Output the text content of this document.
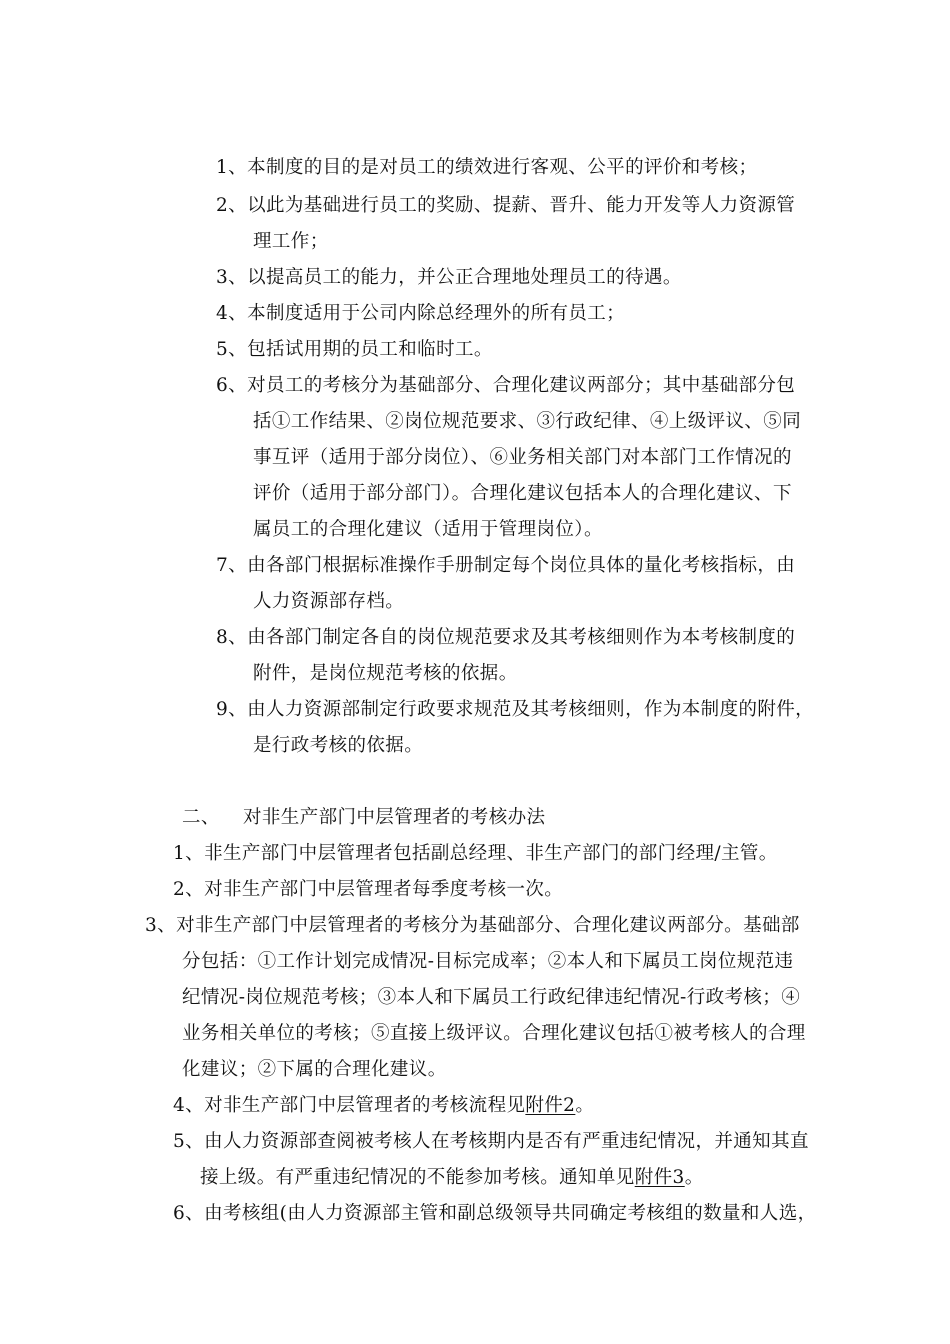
1、本制度的目的是对员工的绩效进行客观、公平的评价和考核；
2、以此为基础进行员工的奖励、提薪、晋升、能力开发等人力资源管
理工作；
3、以提高员工的能力，并公正合理地处理员工的待遇。
4、本制度适用于公司内除总经理外的所有员工；
5、包括试用期的员工和临时工。
6、对员工的考核分为基础部分、合理化建议两部分；其中基础部分包
括①工作结果、②岗位规范要求、③行政纪律、④上级评议、⑤同
事互评（适用于部分岗位）、⑥业务相关部门对本部门工作情况的
评价（适用于部分部门）。合理化建议包括本人的合理化建议、下
属员工的合理化建议（适用于管理岗位）。
7、由各部门根据标准操作手册制定每个岗位具体的量化考核指标，由
人力资源部存档。
8、由各部门制定各自的岗位规范要求及其考核细则作为本考核制度的
附件，是岗位规范考核的依据。
9、由人力资源部制定行政要求规范及其考核细则，作为本制度的附件，
是行政考核的依据。
二、 对非生产部门中层管理者的考核办法
1、非生产部门中层管理者包括副总经理、非生产部门的部门经理/主管。
2、对非生产部门中层管理者每季度考核一次。
3、对非生产部门中层管理者的考核分为基础部分、合理化建议两部分。基础部
分包括：①工作计划完成情况-目标完成率；②本人和下属员工岗位规范违
纪情况-岗位规范考核；③本人和下属员工行政纪律违纪情况-行政考核；④
业务相关单位的考核；⑤直接上级评议。合理化建议包括①被考核人的合理
化建议；②下属的合理化建议。
4、对非生产部门中层管理者的考核流程见附件2。
5、由人力资源部查阅被考核人在考核期内是否有严重违纪情况，并通知其直
接上级。有严重违纪情况的不能参加考核。通知单见附件3。
6、由考核组(由人力资源部主管和副总级领导共同确定考核组的数量和人选，
